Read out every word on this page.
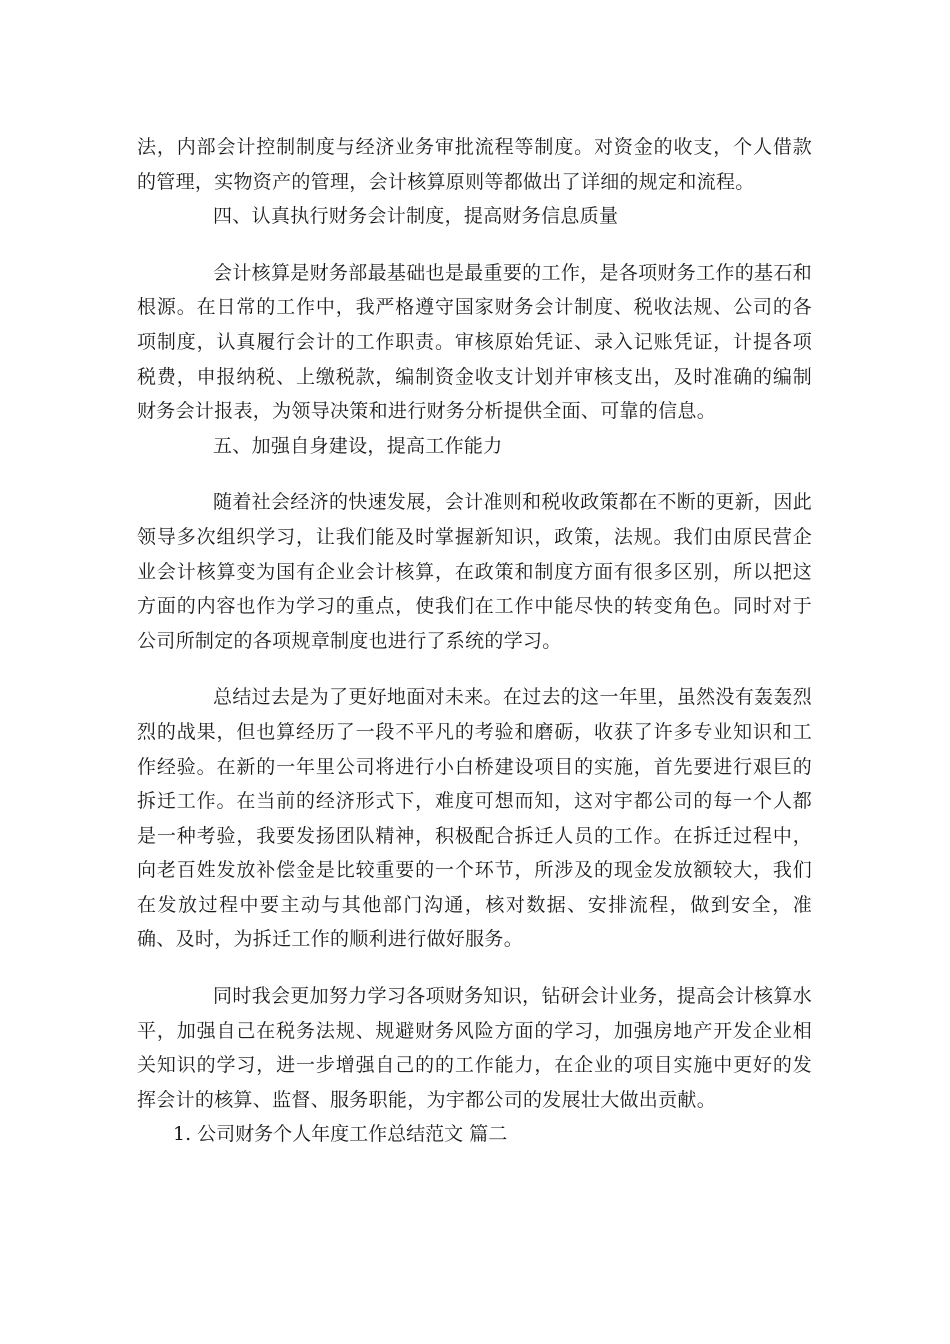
法，内部会计控制制度与经济业务审批流程等制度。对资金的收支，个人借款的管理，实物资产的管理，会计核算原则等都做出了详细的规定和流程。

四、认真执行财务会计制度，提高财务信息质量

会计核算是财务部最基础也是最重要的工作，是各项财务工作的基石和根源。在日常的工作中，我严格遵守国家财务会计制度、税收法规、公司的各项制度，认真履行会计的工作职责。审核原始凭证、录入记账凭证，计提各项税费，申报纳税、上缴税款，编制资金收支计划并审核支出，及时准确的编制财务会计报表，为领导决策和进行财务分析提供全面、可靠的信息。

五、加强自身建设，提高工作能力

随着社会经济的快速发展，会计准则和税收政策都在不断的更新，因此领导多次组织学习，让我们能及时掌握新知识，政策，法规。我们由原民营企业会计核算变为国有企业会计核算，在政策和制度方面有很多区别，所以把这方面的内容也作为学习的重点，使我们在工作中能尽快的转变角色。同时对于公司所制定的各项规章制度也进行了系统的学习。

总结过去是为了更好地面对未来。在过去的这一年里，虽然没有轰轰烈烈的战果，但也算经历了一段不平凡的考验和磨砺，收获了许多专业知识和工作经验。在新的一年里公司将进行小白桥建设项目的实施，首先要进行艰巨的拆迁工作。在当前的经济形式下，难度可想而知，这对宇都公司的每一个人都是一种考验，我要发扬团队精神，积极配合拆迁人员的工作。在拆迁过程中，向老百姓发放补偿金是比较重要的一个环节，所涉及的现金发放额较大，我们在发放过程中要主动与其他部门沟通，核对数据、安排流程，做到安全，准确、及时，为拆迁工作的顺利进行做好服务。

同时我会更加努力学习各项财务知识，钻研会计业务，提高会计核算水平，加强自己在税务法规、规避财务风险方面的学习，加强房地产开发企业相关知识的学习，进一步增强自己的的工作能力，在企业的项目实施中更好的发挥会计的核算、监督、服务职能，为宇都公司的发展壮大做出贡献。

1. 公司财务个人年度工作总结范文 篇二
